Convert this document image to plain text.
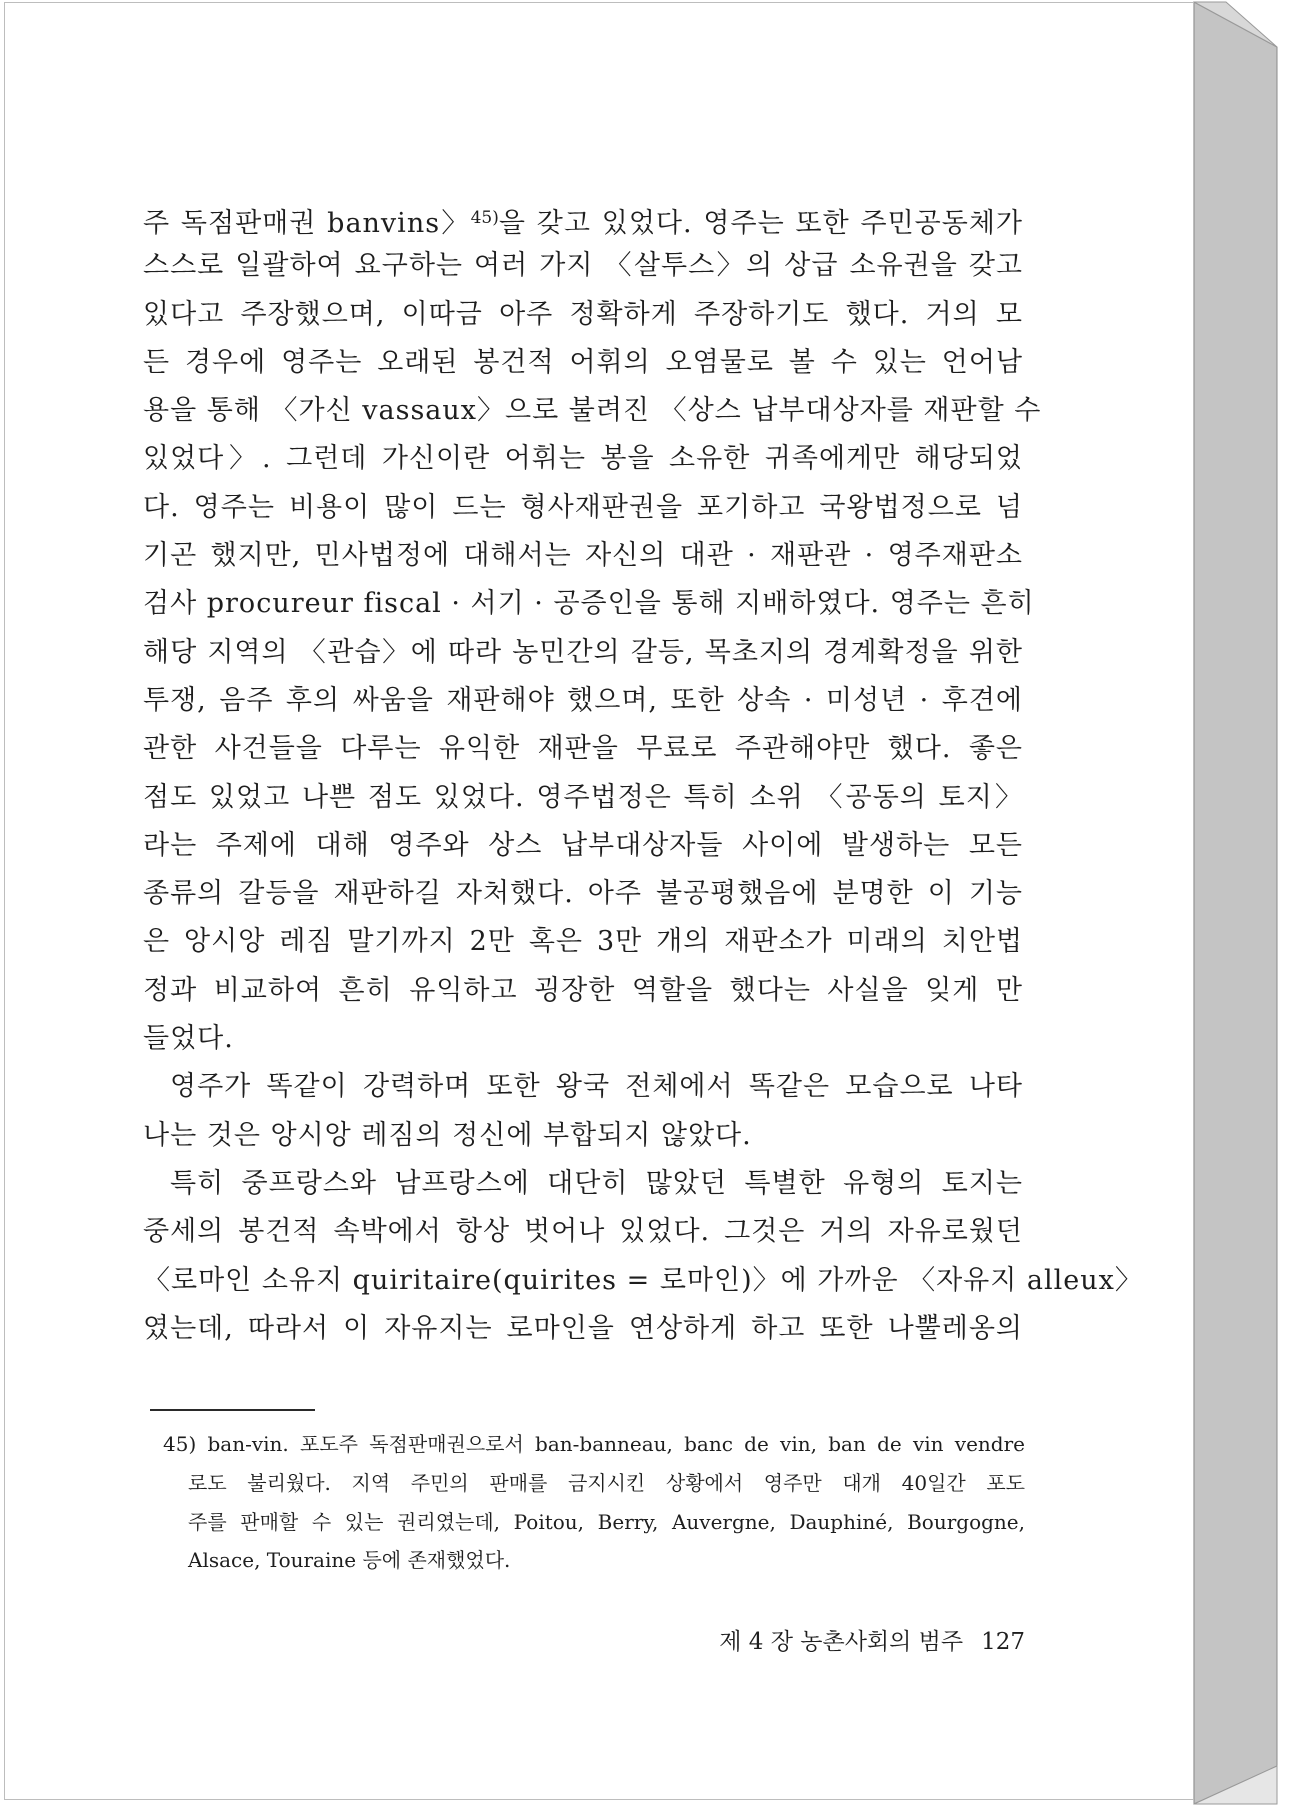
주 독점판매권 banvins〉$^{45)}$을 갖고 있었다. 영주는 또한 주민공동체가
스스로 일괄하여 요구하는 여러 가지 〈살투스〉의 상급 소유권을 갖고
있다고 주장했으며, 이따금 아주 정확하게 주장하기도 했다. 거의 모
든 경우에 영주는 오래된 봉건적 어휘의 오염물로 볼 수 있는 언어남
용을 통해 〈가신 vassaux〉으로 불려진 〈상스 납부대상자를 재판할 수
있었다〉. 그런데 가신이란 어휘는 봉을 소유한 귀족에게만 해당되었
다. 영주는 비용이 많이 드는 형사재판권을 포기하고 국왕법정으로 넘
기곤 했지만, 민사법정에 대해서는 자신의 대관 · 재판관 · 영주재판소
검사 procureur fiscal · 서기 · 공증인을 통해 지배하였다. 영주는 흔히
해당 지역의 〈관습〉에 따라 농민간의 갈등, 목초지의 경계확정을 위한
투쟁, 음주 후의 싸움을 재판해야 했으며, 또한 상속 · 미성년 · 후견에
관한 사건들을 다루는 유익한 재판을 무료로 주관해야만 했다. 좋은
점도 있었고 나쁜 점도 있었다. 영주법정은 특히 소위 〈공동의 토지〉
라는 주제에 대해 영주와 상스 납부대상자들 사이에 발생하는 모든
종류의 갈등을 재판하길 자처했다. 아주 불공평했음에 분명한 이 기능
은 앙시앙 레짐 말기까지 2만 혹은 3만 개의 재판소가 미래의 치안법
정과 비교하여 흔히 유익하고 굉장한 역할을 했다는 사실을 잊게 만
들었다.
영주가 똑같이 강력하며 또한 왕국 전체에서 똑같은 모습으로 나타
나는 것은 앙시앙 레짐의 정신에 부합되지 않았다.
특히 중프랑스와 남프랑스에 대단히 많았던 특별한 유형의 토지는
중세의 봉건적 속박에서 항상 벗어나 있었다. 그것은 거의 자유로웠던
〈로마인 소유지 quiritaire(quirites = 로마인)〉에 가까운 〈자유지 alleux〉
였는데, 따라서 이 자유지는 로마인을 연상하게 하고 또한 나뿔레옹의
45) ban-vin. 포도주 독점판매권으로서 ban-banneau, banc de vin, ban de vin vendre
로도 불리웠다. 지역 주민의 판매를 금지시킨 상황에서 영주만 대개 40일간 포도
주를 판매할 수 있는 권리였는데, Poitou, Berry, Auvergne, Dauphiné, Bourgogne,
Alsace, Touraine 등에 존재했었다.
제 4 장 농촌사회의 범주 127
